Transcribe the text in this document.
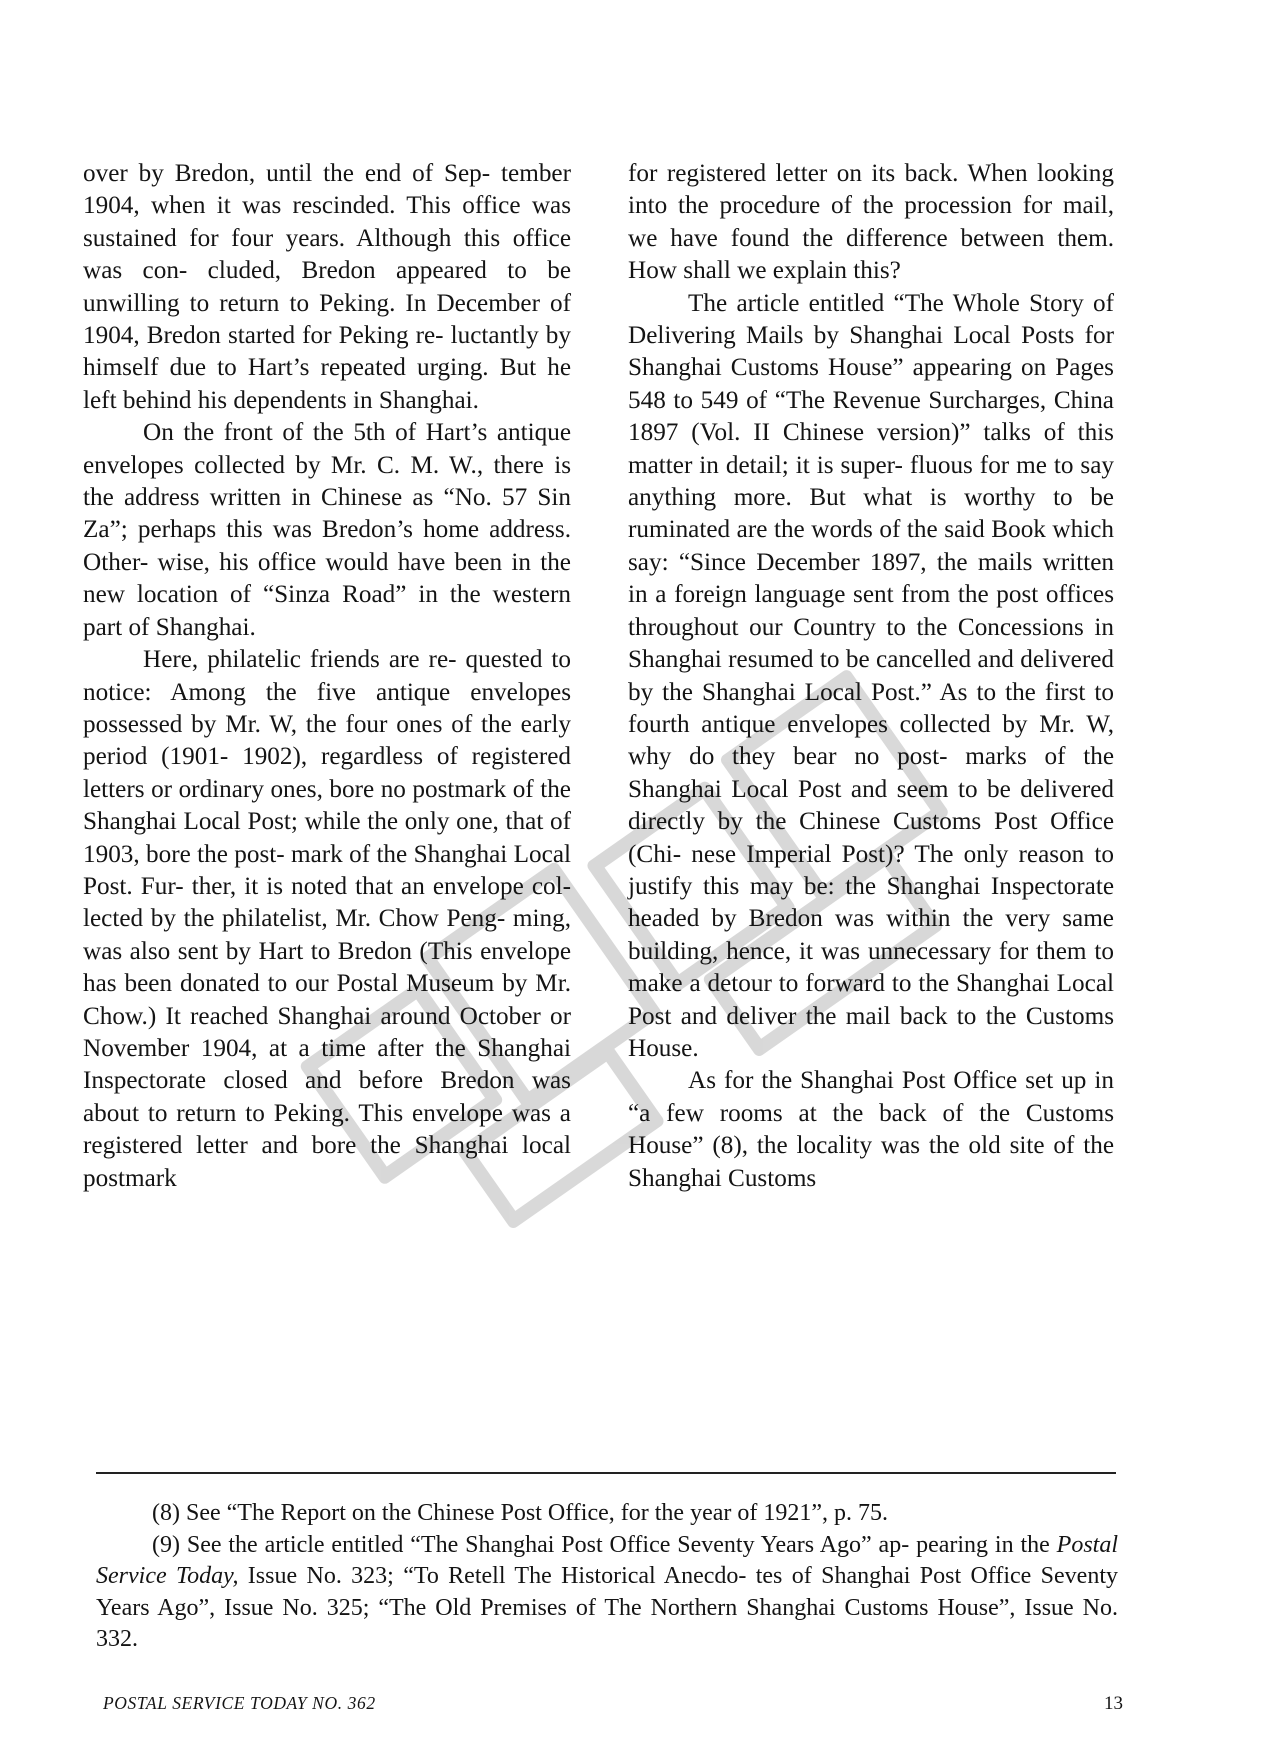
over by Bredon, until the end of Sep- tember 1904, when it was rescinded. This office was sustained for four years. Although this office was con- cluded, Bredon appeared to be unwilling to return to Peking. In December of 1904, Bredon started for Peking re- luctantly by himself due to Hart’s repeated urging. But he left behind his dependents in Shanghai.

On the front of the 5th of Hart’s antique envelopes collected by Mr. C. M. W., there is the address written in Chinese as “No. 57 Sin Za”; perhaps this was Bredon’s home address. Other- wise, his office would have been in the new location of “Sinza Road” in the western part of Shanghai.

Here, philatelic friends are re- quested to notice: Among the five antique envelopes possessed by Mr. W, the four ones of the early period (1901- 1902), regardless of registered letters or ordinary ones, bore no postmark of the Shanghai Local Post; while the only one, that of 1903, bore the post- mark of the Shanghai Local Post. Fur- ther, it is noted that an envelope col- lected by the philatelist, Mr. Chow Peng- ming, was also sent by Hart to Bredon (This envelope has been donated to our Postal Museum by Mr. Chow.) It reached Shanghai around October or November 1904, at a time after the Shanghai Inspectorate closed and before Bredon was about to return to Peking. This envelope was a registered letter and bore the Shanghai local postmark

for registered letter on its back. When looking into the procedure of the procession for mail, we have found the difference between them. How shall we explain this?

The article entitled “The Whole Story of Delivering Mails by Shanghai Local Posts for Shanghai Customs House” appearing on Pages 548 to 549 of “The Revenue Surcharges, China 1897 (Vol. II Chinese version)” talks of this matter in detail; it is super- fluous for me to say anything more. But what is worthy to be ruminated are the words of the said Book which say: “Since December 1897, the mails written in a foreign language sent from the post offices throughout our Country to the Concessions in Shanghai resumed to be cancelled and delivered by the Shanghai Local Post.” As to the first to fourth antique envelopes collected by Mr. W, why do they bear no post- marks of the Shanghai Local Post and seem to be delivered directly by the Chinese Customs Post Office (Chi- nese Imperial Post)? The only reason to justify this may be: the Shanghai Inspectorate headed by Bredon was within the very same building, hence, it was unnecessary for them to make a detour to forward to the Shanghai Local Post and deliver the mail back to the Customs House.

As for the Shanghai Post Office set up in “a few rooms at the back of the Customs House” (8), the locality was the old site of the Shanghai Customs

(8) See “The Report on the Chinese Post Office, for the year of 1921”, p. 75.

(9) See the article entitled “The Shanghai Post Office Seventy Years Ago” ap- pearing in the Postal Service Today, Issue No. 323; “To Retell The Historical Anecdo- tes of Shanghai Post Office Seventy Years Ago”, Issue No. 325; “The Old Premises of The Northern Shanghai Customs House”, Issue No. 332.

POSTAL SERVICE TODAY NO. 362	13
